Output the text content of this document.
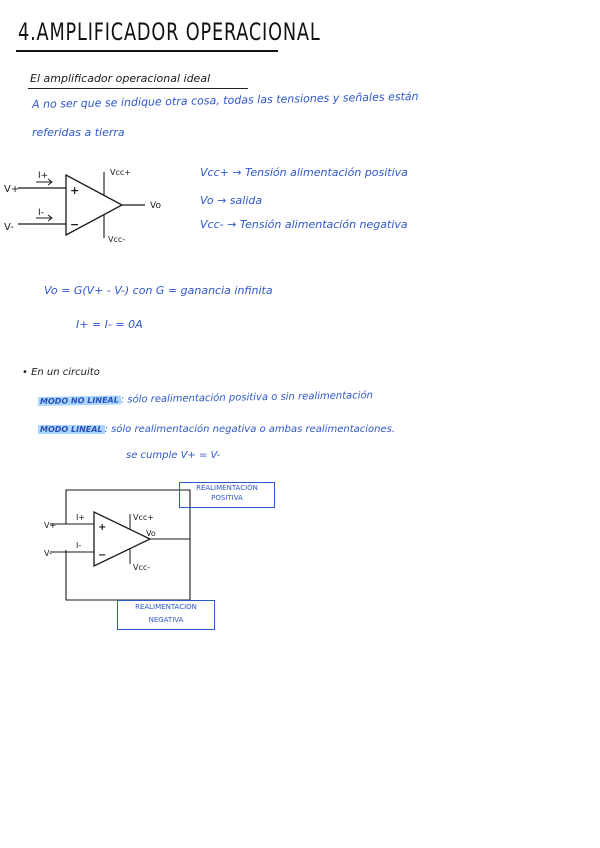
4.AMPLIFICADOR OPERACIONAL
El amplificador operacional ideal
A no ser que se indique otra cosa, todas las tensiones y señales están
referidas a tierra
V+
V-
I+
I-
+
−
Vcc+
Vcc-
Vo
Vcc+ → Tensión alimentación positiva
Vo → salida
Vcc- → Tensión alimentación negativa
Vo = G(V+ - V-) con G = ganancia infinita
I+ = I- = 0A
• En un circuito
MODO NO LINEAL : sólo realimentación positiva o sin realimentación
MODO LINEAL : sólo realimentación negativa o ambas realimentaciones.
se cumple V+ = V-
V+
V-
I+
I-
+
−
Vcc+
Vcc-
Vo
REALIMENTACIÓN
POSITIVA
REALIMENTACION
NEGATIVA
